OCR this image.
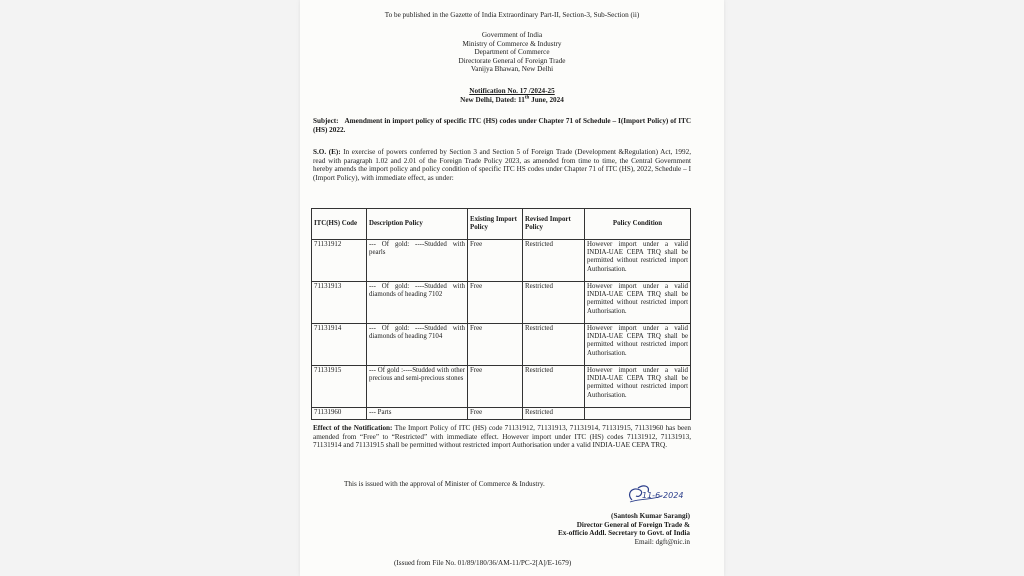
To be published in the Gazette of India Extraordinary Part-II, Section-3, Sub-Section (ii)
Government of India
Ministry of Commerce & Industry
Department of Commerce
Directorate General of Foreign Trade
Vanijya Bhawan, New Delhi
Notification No. 17 /2024-25
New Delhi, Dated: 11th June, 2024
Subject: Amendment in import policy of specific ITC (HS) codes under Chapter 71 of Schedule – I(Import Policy) of ITC (HS) 2022.
S.O. (E): In exercise of powers conferred by Section 3 and Section 5 of Foreign Trade (Development &Regulation) Act, 1992, read with paragraph 1.02 and 2.01 of the Foreign Trade Policy 2023, as amended from time to time, the Central Government hereby amends the import policy and policy condition of specific ITC HS codes under Chapter 71 of ITC (HS), 2022, Schedule – I (Import Policy), with immediate effect, as under:
ITC(HS) Code	Description Policy	Existing Import Policy	Revised Import Policy	Policy Condition
71131912	--- Of gold: ----Studded with pearls	Free	Restricted	However import under a valid INDIA-UAE CEPA TRQ shall be permitted without restricted import Authorisation.
71131913	--- Of gold: ----Studded with diamonds of heading 7102	Free	Restricted	However import under a valid INDIA-UAE CEPA TRQ shall be permitted without restricted import Authorisation.
71131914	--- Of gold: ----Studded with diamonds of heading 7104	Free	Restricted	However import under a valid INDIA-UAE CEPA TRQ shall be permitted without restricted import Authorisation.
71131915	--- Of gold :----Studded with other precious and semi-precious stones	Free	Restricted	However import under a valid INDIA-UAE CEPA TRQ shall be permitted without restricted import Authorisation.
71131960	--- Parts	Free	Restricted	
Effect of the Notification: The Import Policy of ITC (HS) code 71131912, 71131913, 71131914, 71131915, 71131960 has been amended from “Free” to “Restricted” with immediate effect. However import under ITC (HS) codes 71131912, 71131913, 71131914 and 71131915 shall be permitted without restricted import Authorisation under a valid INDIA-UAE CEPA TRQ.
This is issued with the approval of Minister of Commerce & Industry.
11-6-2024
(Santosh Kumar Sarangi)
Director General of Foreign Trade &
Ex-officio Addl. Secretary to Govt. of India
Email: dgft@nic.in
(Issued from File No. 01/89/180/36/AM-11/PC-2[A]/E-1679)
